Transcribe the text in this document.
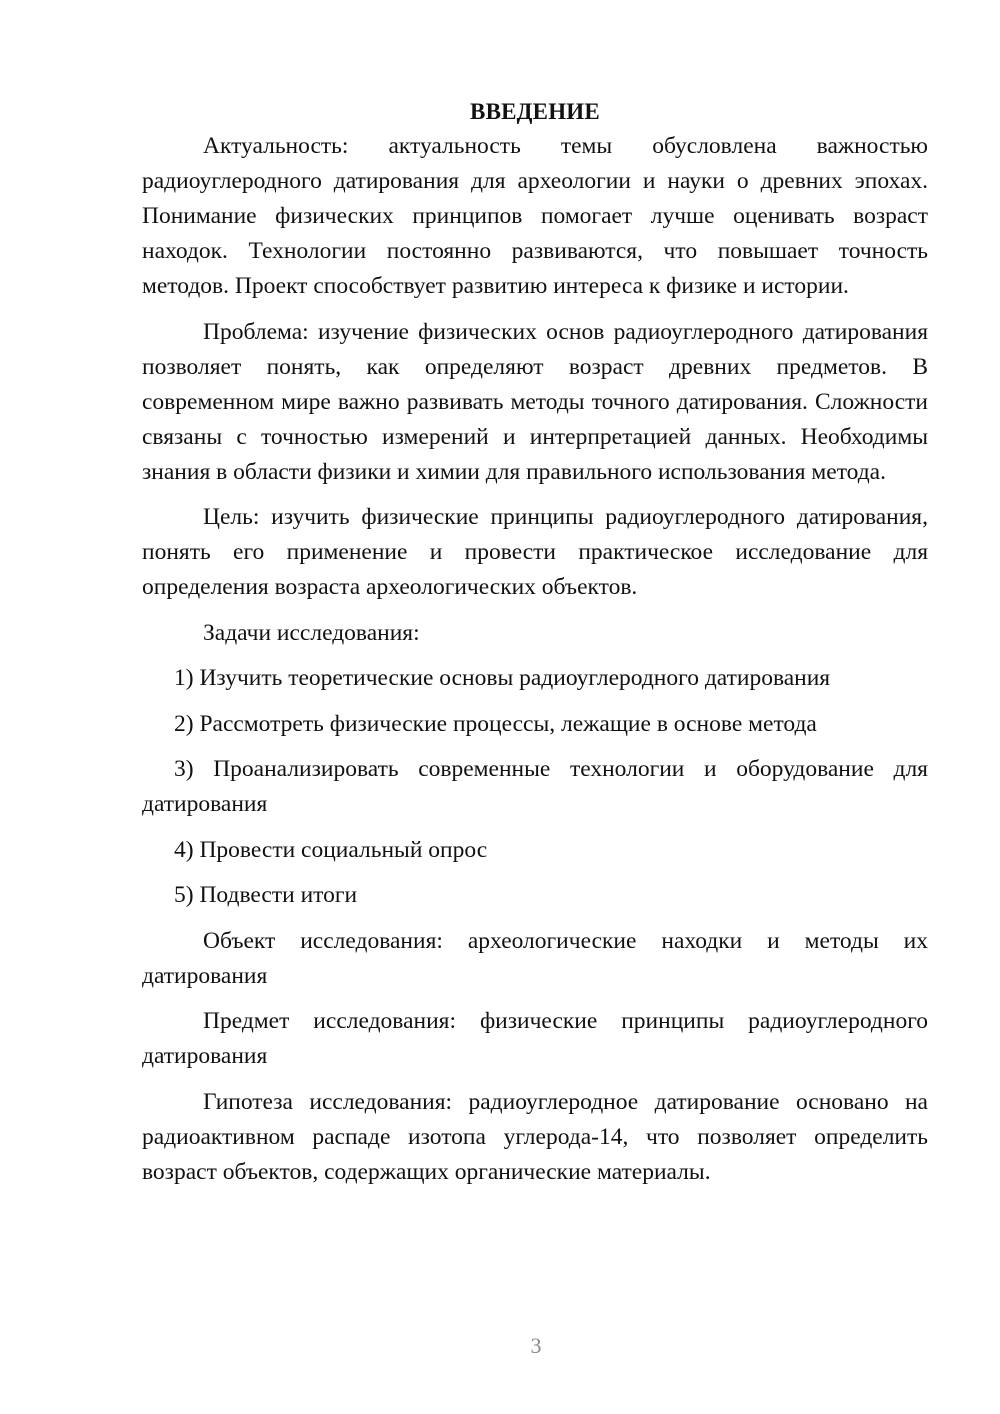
ВВЕДЕНИЕ

Актуальность: актуальность темы обусловлена важностью радиоуглеродного датирования для археологии и науки о древних эпохах. Понимание физических принципов помогает лучше оценивать возраст находок. Технологии постоянно развиваются, что повышает точность методов. Проект способствует развитию интереса к физике и истории.

Проблема: изучение физических основ радиоуглеродного датирования позволяет понять, как определяют возраст древних предметов. В современном мире важно развивать методы точного датирования. Сложности связаны с точностью измерений и интерпретацией данных. Необходимы знания в области физики и химии для правильного использования метода.

Цель: изучить физические принципы радиоуглеродного датирования, понять его применение и провести практическое исследование для определения возраста археологических объектов.

Задачи исследования:

1) Изучить теоретические основы радиоуглеродного датирования

2) Рассмотреть физические процессы, лежащие в основе метода

3) Проанализировать современные технологии и оборудование для датирования

4) Провести социальный опрос

5) Подвести итоги

Объект исследования: археологические находки и методы их датирования

Предмет исследования: физические принципы радиоуглеродного датирования

Гипотеза исследования: радиоуглеродное датирование основано на радиоактивном распаде изотопа углерода-14, что позволяет определить возраст объектов, содержащих органические материалы.

3
